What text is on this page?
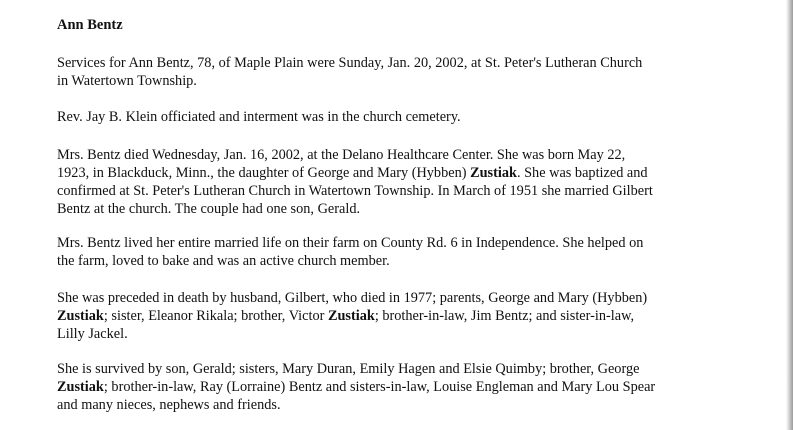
Ann Bentz

Services for Ann Bentz, 78, of Maple Plain were Sunday, Jan. 20, 2002, at St. Peter's Lutheran Church
in Watertown Township.

Rev. Jay B. Klein officiated and interment was in the church cemetery.

Mrs. Bentz died Wednesday, Jan. 16, 2002, at the Delano Healthcare Center. She was born May 22,
1923, in Blackduck, Minn., the daughter of George and Mary (Hybben) Zustiak. She was baptized and
confirmed at St. Peter's Lutheran Church in Watertown Township. In March of 1951 she married Gilbert
Bentz at the church. The couple had one son, Gerald.

Mrs. Bentz lived her entire married life on their farm on County Rd. 6 in Independence. She helped on
the farm, loved to bake and was an active church member.

She was preceded in death by husband, Gilbert, who died in 1977; parents, George and Mary (Hybben)
Zustiak; sister, Eleanor Rikala; brother, Victor Zustiak; brother-in-law, Jim Bentz; and sister-in-law,
Lilly Jackel.

She is survived by son, Gerald; sisters, Mary Duran, Emily Hagen and Elsie Quimby; brother, George
Zustiak; brother-in-law, Ray (Lorraine) Bentz and sisters-in-law, Louise Engleman and Mary Lou Spear
and many nieces, nephews and friends.
